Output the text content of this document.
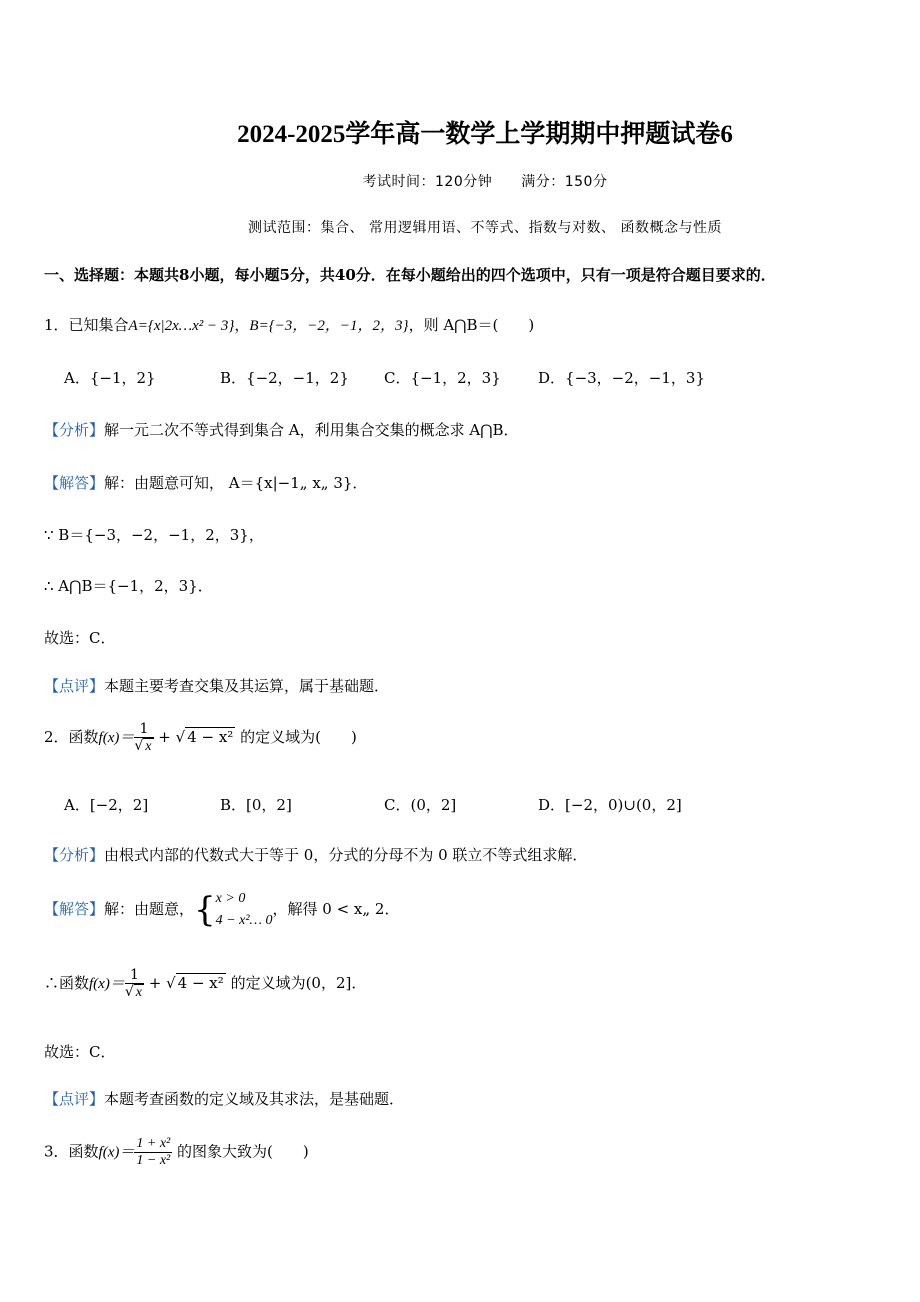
2024-2025学年高一数学上学期期中押题试卷6
考试时间：120分钟　　满分：150分
测试范围：集合、 常用逻辑用语、不等式、指数与对数、 函数概念与性质
一、选择题：本题共8小题，每小题5分，共40分．在每小题给出的四个选项中，只有一项是符合题目要求的．
1．已知集合A={x|2x…x² − 3}，B={−3，−2，−1，2，3}，则 A⋂B＝(　　)
A．{−1，2}	B．{−2，−1，2} C．{−1，2，3} D．{−3，−2，−1，3}
【分析】解一元二次不等式得到集合 A，利用集合交集的概念求 A⋂B．
【解答】解：由题意可知， A＝{x|−1„ x„ 3}．
∵ B＝{−3，−2，−1，2，3}，
∴ A⋂B＝{−1，2，3}．
故选：C．
【点评】本题主要考查交集及其运算，属于基础题．
2．函数$f(x)= \frac{1}{√ x}$ + √ 4 − x² 的定义域为(　　)
A．[−2，2]	B．[0，2]	C．(0，2]	D．[−2，0)∪(0，2]
【分析】由根式内部的代数式大于等于 0，分式的分母不为 0 联立不等式组求解．
【解答】解：由题意，{ x > 0
4 − x²… 0
，解得 0 < x„ 2．
∴函数$f(x)= \frac{1}{√ x}$ + √ 4 − x² 的定义域为(0，2]．
故选：C．
【点评】本题考查函数的定义域及其求法，是基础题．
3．函数$f(x)= \frac{\text{1 + x²}}{\text{1 − x²}}$ 的图象大致为(　　)
